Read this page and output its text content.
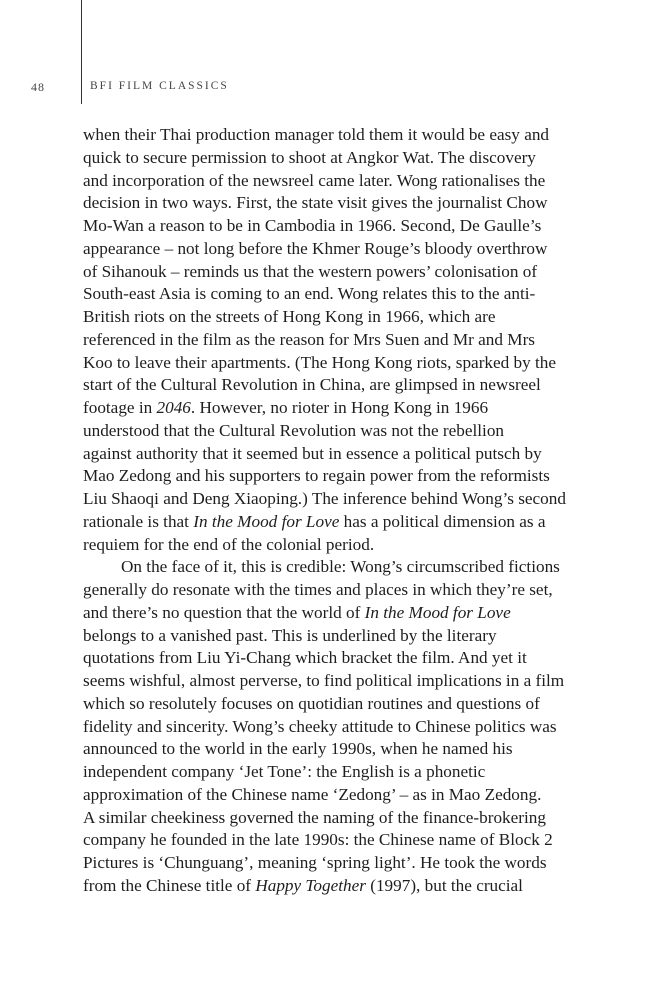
48	BFI FILM CLASSICS
when their Thai production manager told them it would be easy and
quick to secure permission to shoot at Angkor Wat. The discovery
and incorporation of the newsreel came later. Wong rationalises the
decision in two ways. First, the state visit gives the journalist Chow
Mo-Wan a reason to be in Cambodia in 1966. Second, De Gaulle’s
appearance – not long before the Khmer Rouge’s bloody overthrow
of Sihanouk – reminds us that the western powers’ colonisation of
South-east Asia is coming to an end. Wong relates this to the anti-
British riots on the streets of Hong Kong in 1966, which are
referenced in the film as the reason for Mrs Suen and Mr and Mrs
Koo to leave their apartments. (The Hong Kong riots, sparked by the
start of the Cultural Revolution in China, are glimpsed in newsreel
footage in 2046. However, no rioter in Hong Kong in 1966
understood that the Cultural Revolution was not the rebellion
against authority that it seemed but in essence a political putsch by
Mao Zedong and his supporters to regain power from the reformists
Liu Shaoqi and Deng Xiaoping.) The inference behind Wong’s second
rationale is that In the Mood for Love has a political dimension as a
requiem for the end of the colonial period.
On the face of it, this is credible: Wong’s circumscribed fictions
generally do resonate with the times and places in which they’re set,
and there’s no question that the world of In the Mood for Love
belongs to a vanished past. This is underlined by the literary
quotations from Liu Yi-Chang which bracket the film. And yet it
seems wishful, almost perverse, to find political implications in a film
which so resolutely focuses on quotidian routines and questions of
fidelity and sincerity. Wong’s cheeky attitude to Chinese politics was
announced to the world in the early 1990s, when he named his
independent company ‘Jet Tone’: the English is a phonetic
approximation of the Chinese name ‘Zedong’ – as in Mao Zedong.
A similar cheekiness governed the naming of the finance-brokering
company he founded in the late 1990s: the Chinese name of Block 2
Pictures is ‘Chunguang’, meaning ‘spring light’. He took the words
from the Chinese title of Happy Together (1997), but the crucial
